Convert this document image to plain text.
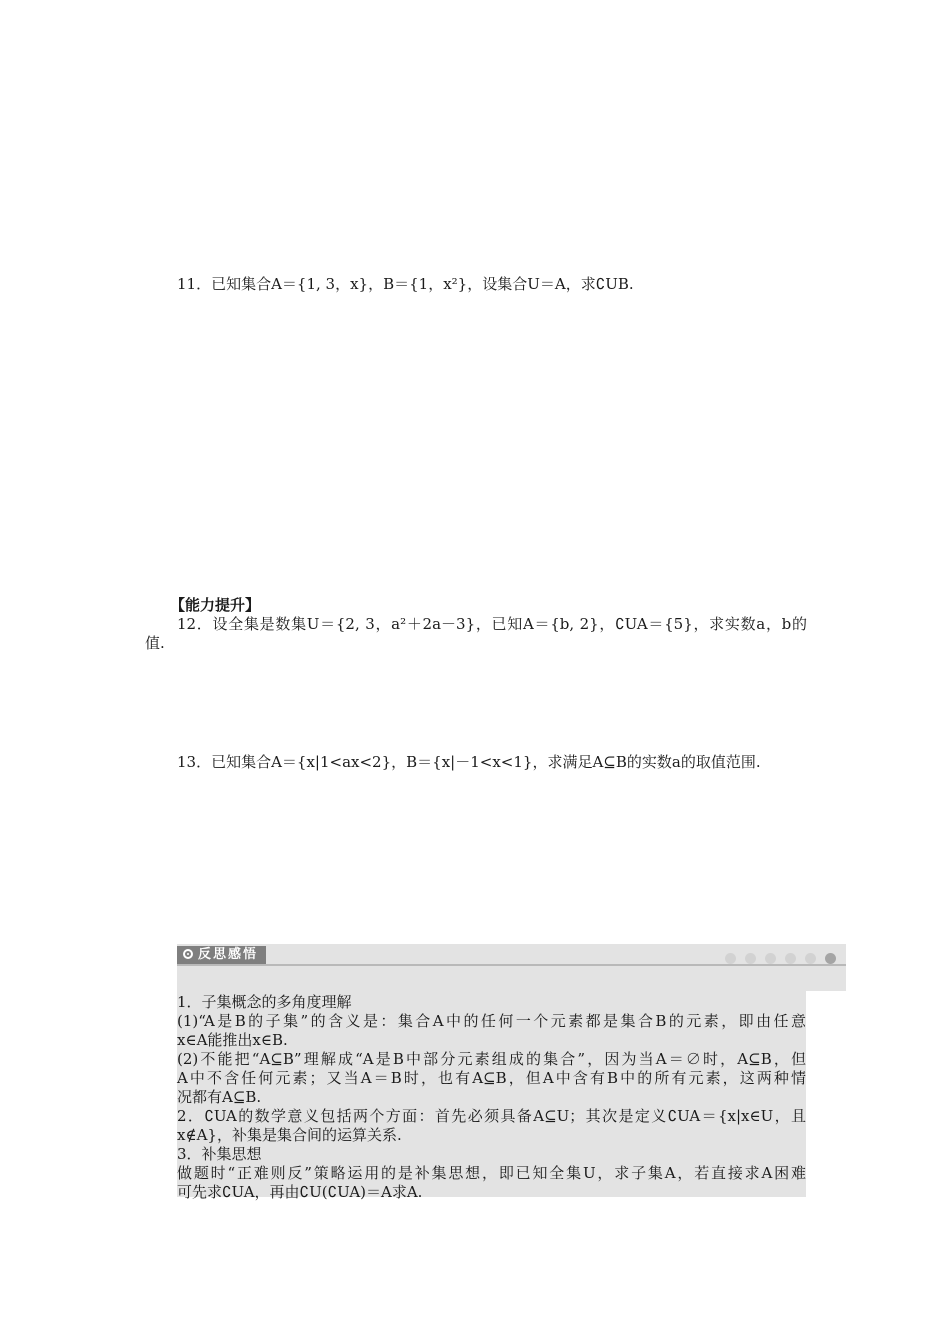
11．已知集合A＝{1, 3，x}，B＝{1，x²}，设集合U＝A，求∁UB.
【能力提升】
12．设全集是数集U＝{2, 3，a²＋2a－3}，已知A＝{b, 2}，∁UA＝{5}，求实数a，b的
值.
13．已知集合A＝{x|1<ax<2}，B＝{x|－1<x<1}，求满足A⊆B的实数a的取值范围.
反思感悟
1．子集概念的多角度理解
(1)“A是B的子集”的含义是：集合A中的任何一个元素都是集合B的元素，即由任意
x∈A能推出x∈B.
(2)不能把“A⊆B”理解成“A是B中部分元素组成的集合”，因为当A＝∅时，A⊆B，但
A中不含任何元素；又当A＝B时，也有A⊆B，但A中含有B中的所有元素，这两种情
况都有A⊆B.
2．∁UA的数学意义包括两个方面：首先必须具备A⊆U；其次是定义∁UA＝{x|x∈U，且
x∉A}，补集是集合间的运算关系.
3．补集思想
做题时“正难则反”策略运用的是补集思想，即已知全集U，求子集A，若直接求A困难
可先求∁UA，再由∁U(∁UA)＝A求A.
